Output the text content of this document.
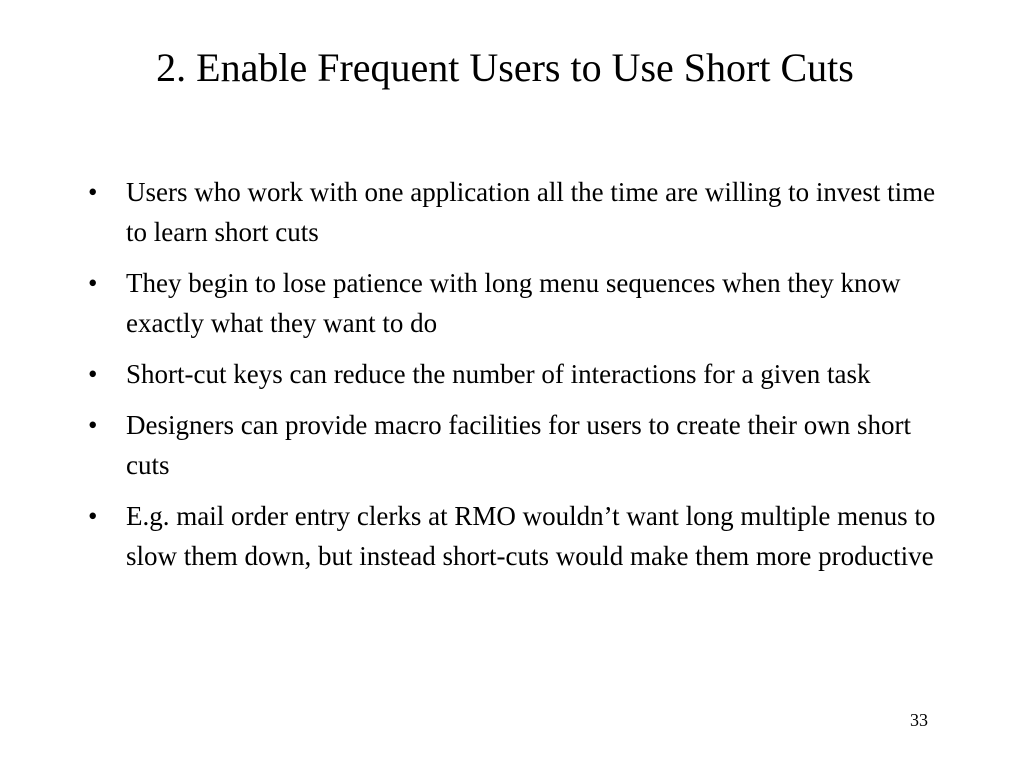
2. Enable Frequent Users to Use Short Cuts
•	Users who work with one application all the time are willing to invest time to learn short cuts
•	They begin to lose patience with long menu sequences when they know exactly what they want to do
•	Short-cut keys can reduce the number of interactions for a given task
•	Designers can provide macro facilities for users to create their own short cuts
•	E.g. mail order entry clerks at RMO wouldn’t want long multiple menus to slow them down, but instead short-cuts would make them more productive
33
